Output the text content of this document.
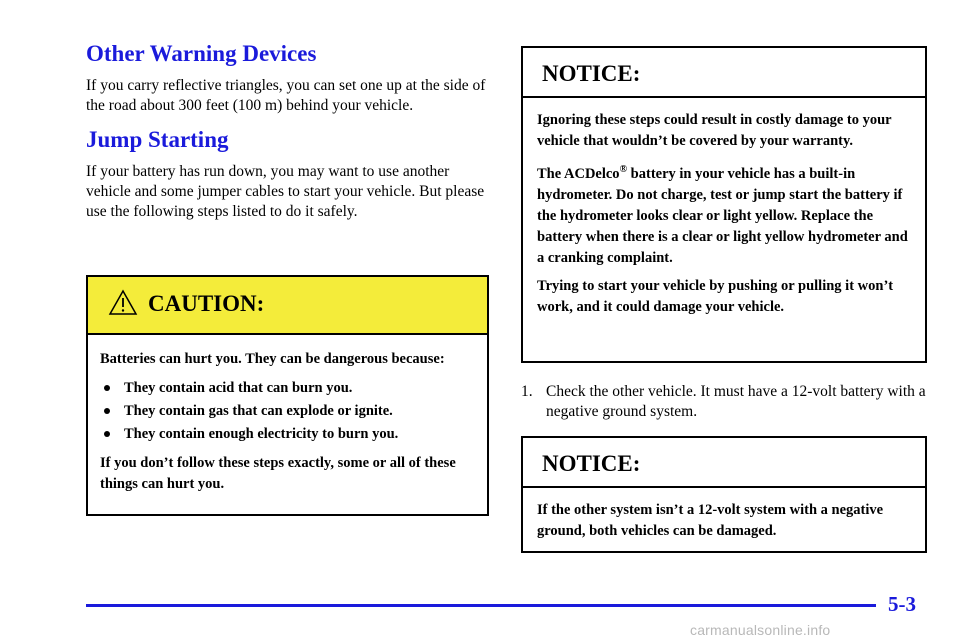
Other Warning Devices

If you carry reflective triangles, you can set one up at the side of the road about 300 feet (100 m) behind your vehicle.

Jump Starting

If your battery has run down, you may want to use another vehicle and some jumper cables to start your vehicle. But please use the following steps listed to do it safely.

CAUTION:

Batteries can hurt you. They can be dangerous because:

They contain acid that can burn you.
They contain gas that can explode or ignite.
They contain enough electricity to burn you.

If you don’t follow these steps exactly, some or all of these things can hurt you.

NOTICE:

Ignoring these steps could result in costly damage to your vehicle that wouldn’t be covered by your warranty.

The ACDelco® battery in your vehicle has a built-in hydrometer. Do not charge, test or jump start the battery if the hydrometer looks clear or light yellow. Replace the battery when there is a clear or light yellow hydrometer and a cranking complaint.

Trying to start your vehicle by pushing or pulling it won’t work, and it could damage your vehicle.

1. Check the other vehicle. It must have a 12-volt battery with a negative ground system.
NOTICE:

If the other system isn’t a 12-volt system with a negative ground, both vehicles can be damaged.

5-3
carmanualsonline.info
